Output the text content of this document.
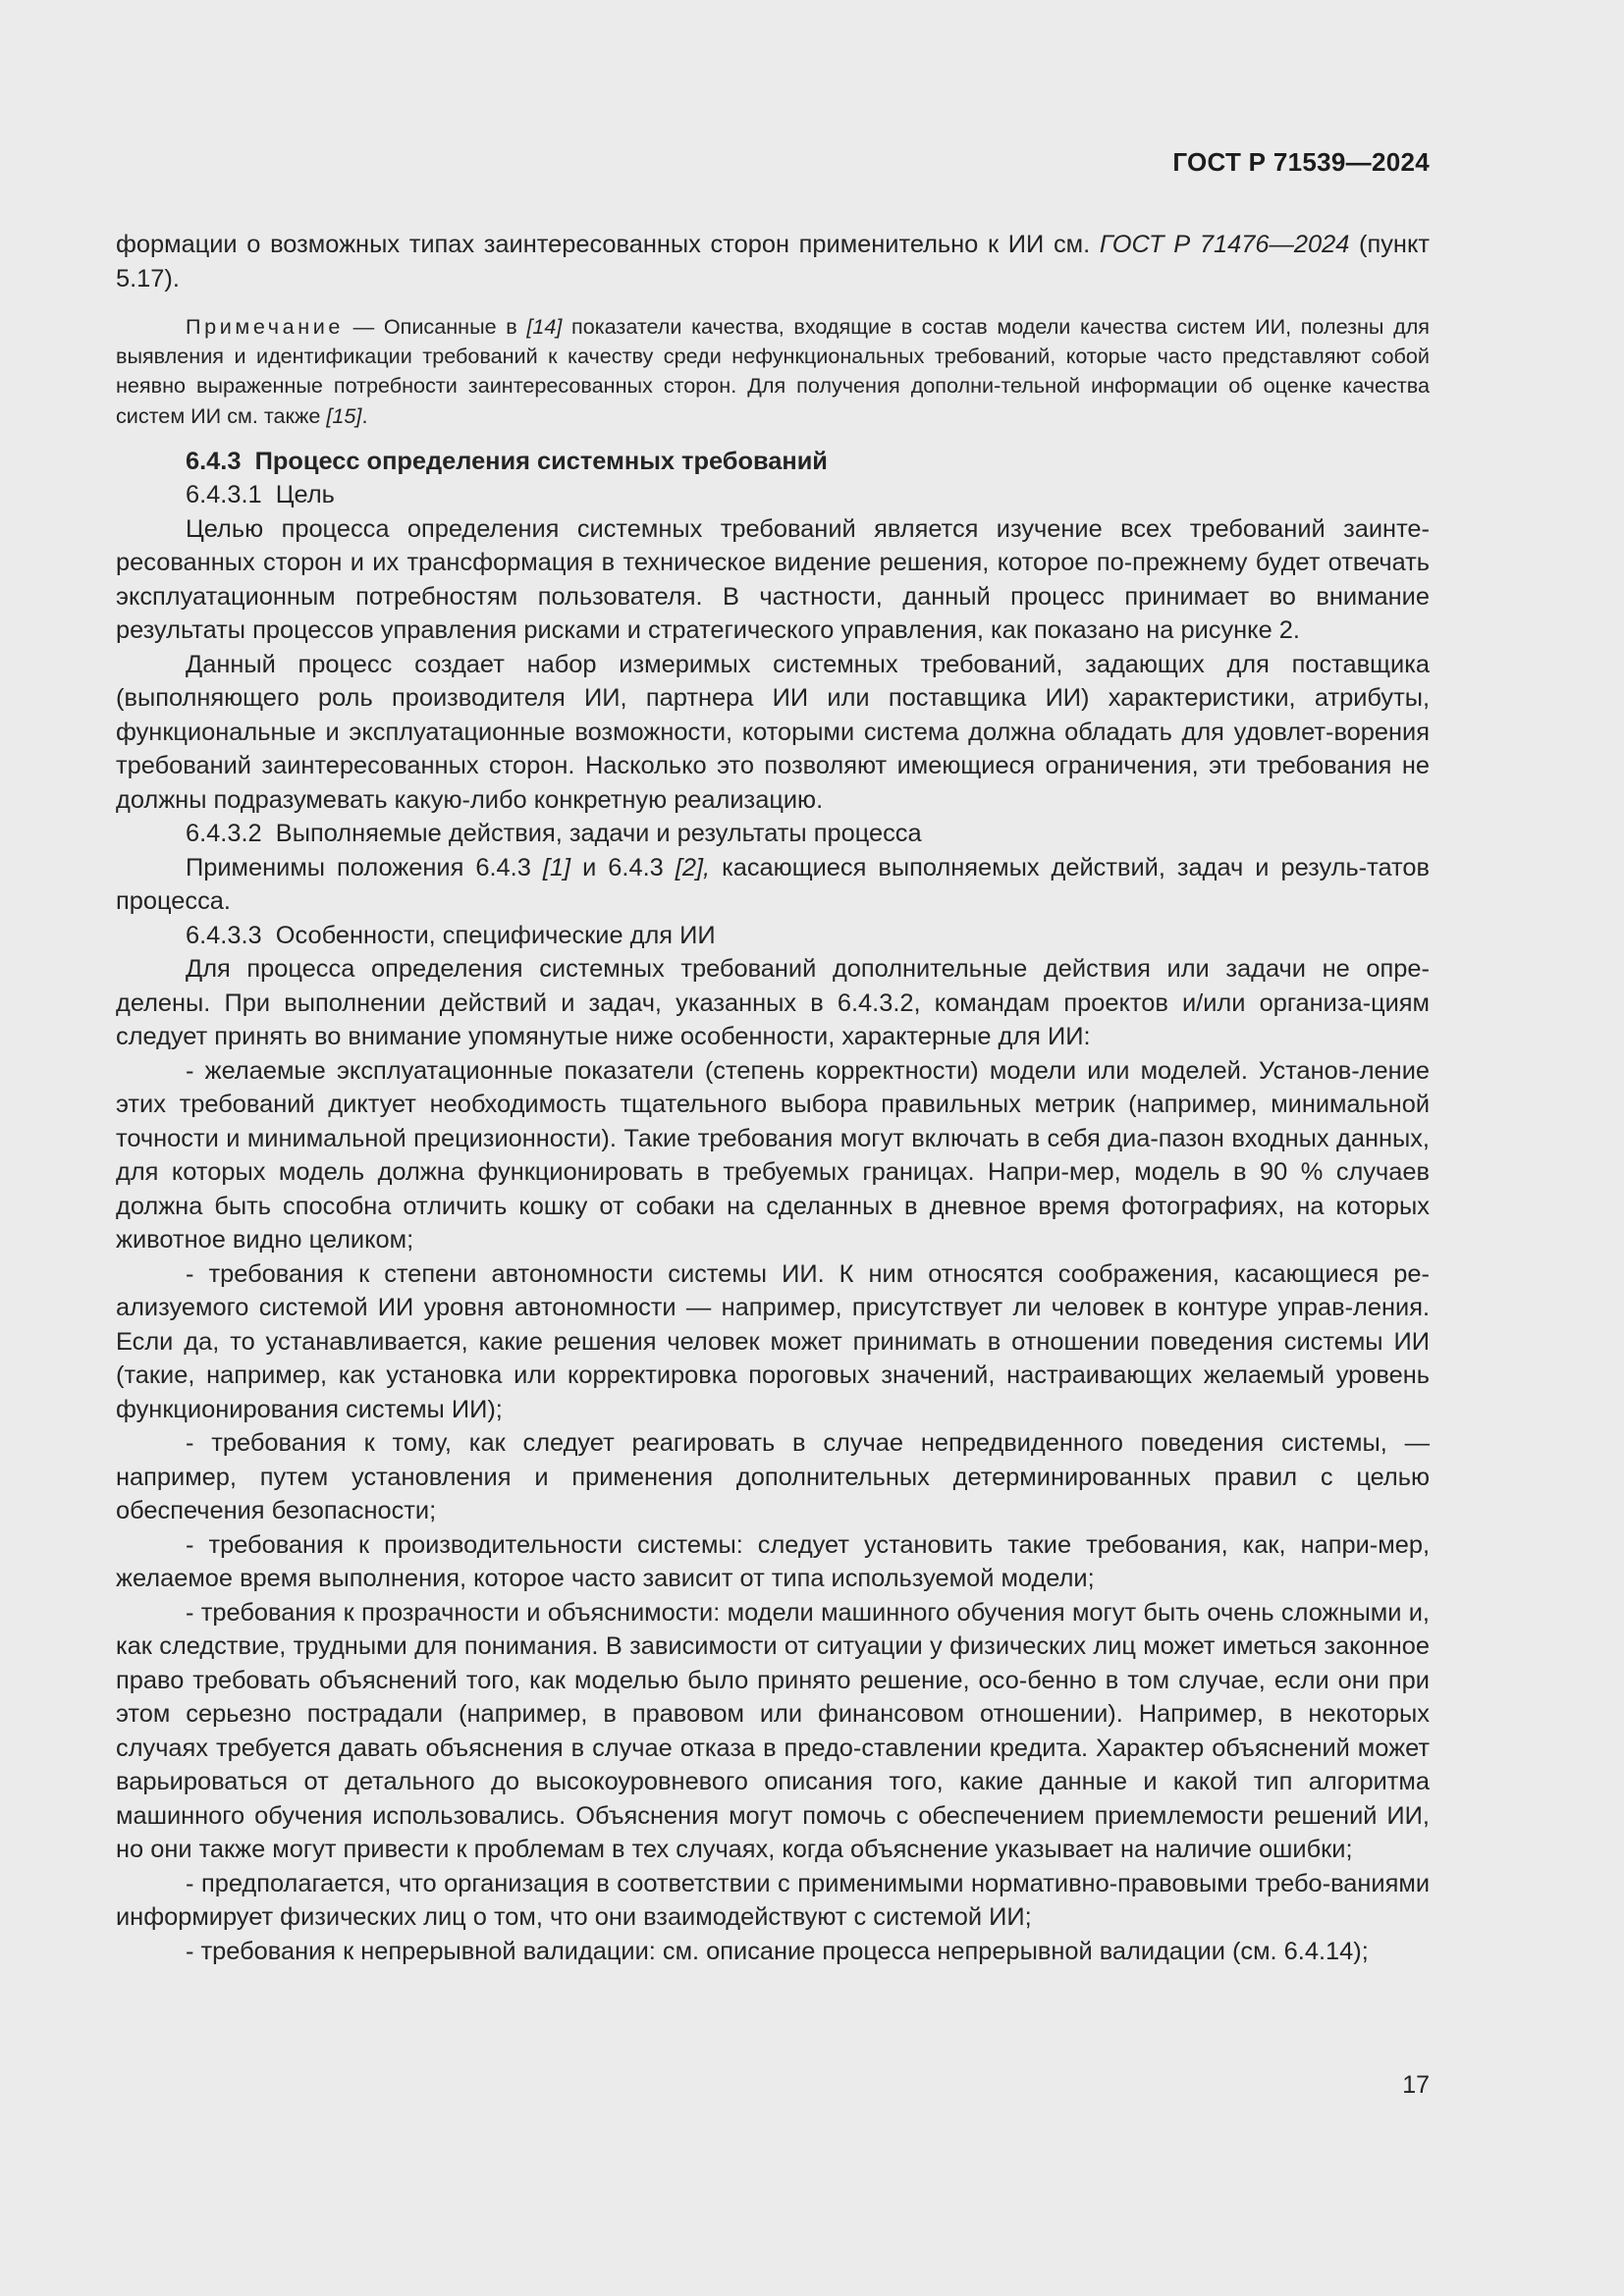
ГОСТ Р 71539—2024

формации о возможных типах заинтересованных сторон применительно к ИИ см. ГОСТ Р 71476—2024 (пункт 5.17).

Примечание — Описанные в [14] показатели качества, входящие в состав модели качества систем ИИ, полезны для выявления и идентификации требований к качеству среди нефункциональных требований, которые часто представляют собой неявно выраженные потребности заинтересованных сторон. Для получения дополни-тельной информации об оценке качества систем ИИ см. также [15].

6.4.3 Процесс определения системных требований

6.4.3.1  Цель

Целью процесса определения системных требований является изучение всех требований заинте-ресованных сторон и их трансформация в техническое видение решения, которое по-прежнему будет отвечать эксплуатационным потребностям пользователя. В частности, данный процесс принимает во внимание результаты процессов управления рисками и стратегического управления, как показано на рисунке 2.

Данный процесс создает набор измеримых системных требований, задающих для поставщика (выполняющего роль производителя ИИ, партнера ИИ или поставщика ИИ) характеристики, атрибуты, функциональные и эксплуатационные возможности, которыми система должна обладать для удовлет-ворения требований заинтересованных сторон. Насколько это позволяют имеющиеся ограничения, эти требования не должны подразумевать какую-либо конкретную реализацию.

6.4.3.2  Выполняемые действия, задачи и результаты процесса

Применимы положения 6.4.3 [1] и 6.4.3 [2], касающиеся выполняемых действий, задач и резуль-татов процесса.

6.4.3.3  Особенности, специфические для ИИ

Для процесса определения системных требований дополнительные действия или задачи не опре-делены. При выполнении действий и задач, указанных в 6.4.3.2, командам проектов и/или организа-циям следует принять во внимание упомянутые ниже особенности, характерные для ИИ:

- желаемые эксплуатационные показатели (степень корректности) модели или моделей. Установ-ление этих требований диктует необходимость тщательного выбора правильных метрик (например, минимальной точности и минимальной прецизионности). Такие требования могут включать в себя диа-пазон входных данных, для которых модель должна функционировать в требуемых границах. Напри-мер, модель в 90 % случаев должна быть способна отличить кошку от собаки на сделанных в дневное время фотографиях, на которых животное видно целиком;

- требования к степени автономности системы ИИ. К ним относятся соображения, касающиеся ре-ализуемого системой ИИ уровня автономности — например, присутствует ли человек в контуре управ-ления. Если да, то устанавливается, какие решения человек может принимать в отношении поведения системы ИИ (такие, например, как установка или корректировка пороговых значений, настраивающих желаемый уровень функционирования системы ИИ);

- требования к тому, как следует реагировать в случае непредвиденного поведения системы, — например, путем установления и применения дополнительных детерминированных правил с целью обеспечения безопасности;

- требования к производительности системы: следует установить такие требования, как, напри-мер, желаемое время выполнения, которое часто зависит от типа используемой модели;

- требования к прозрачности и объяснимости: модели машинного обучения могут быть очень сложными и, как следствие, трудными для понимания. В зависимости от ситуации у физических лиц может иметься законное право требовать объяснений того, как моделью было принято решение, осо-бенно в том случае, если они при этом серьезно пострадали (например, в правовом или финансовом отношении). Например, в некоторых случаях требуется давать объяснения в случае отказа в предо-ставлении кредита. Характер объяснений может варьироваться от детального до высокоуровневого описания того, какие данные и какой тип алгоритма машинного обучения использовались. Объяснения могут помочь с обеспечением приемлемости решений ИИ, но они также могут привести к проблемам в тех случаях, когда объяснение указывает на наличие ошибки;

- предполагается, что организация в соответствии с применимыми нормативно-правовыми требо-ваниями информирует физических лиц о том, что они взаимодействуют с системой ИИ;

- требования к непрерывной валидации: см. описание процесса непрерывной валидации (см. 6.4.14);

17
